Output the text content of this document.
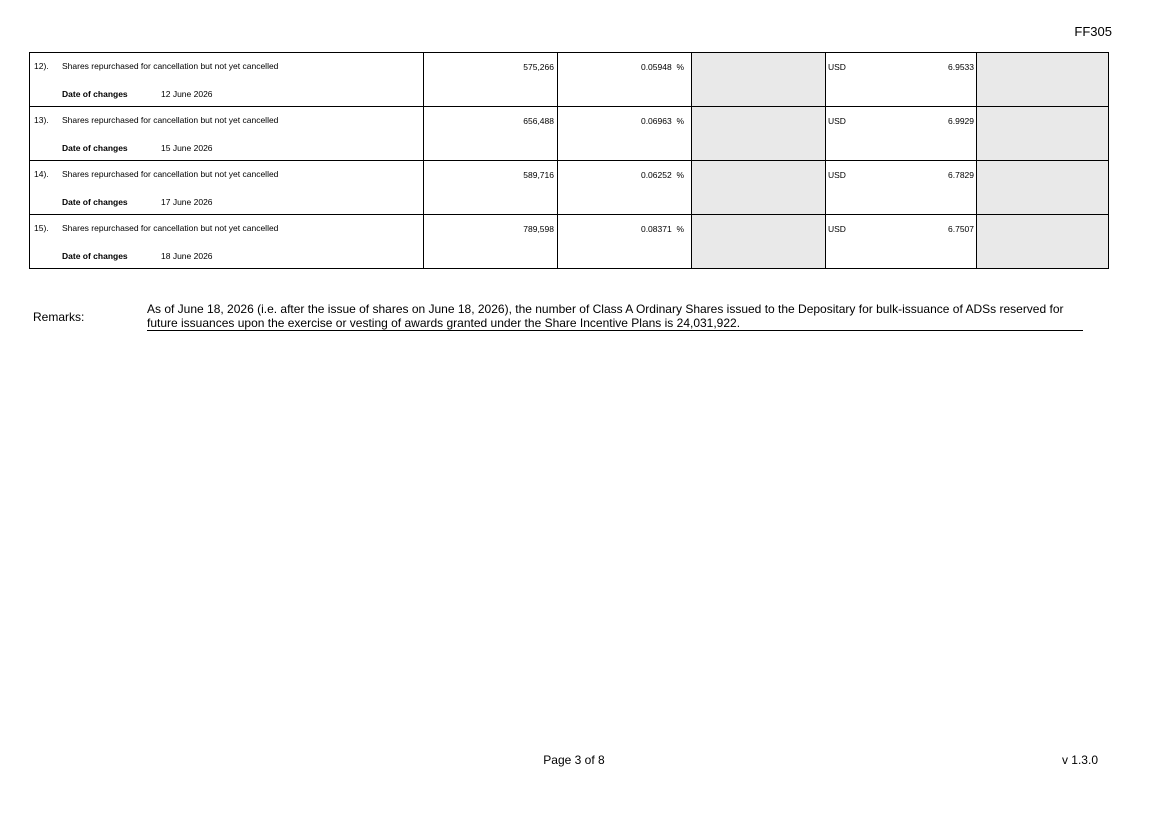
FF305
12). Shares repurchased for cancellation but not yet cancelled
Date of changes 12 June 2026	575,266	0.05948 %		USD 6.9533	

13). Shares repurchased for cancellation but not yet cancelled
Date of changes 15 June 2026	656,488	0.06963 %		USD 6.9929	

14). Shares repurchased for cancellation but not yet cancelled
Date of changes 17 June 2026	589,716	0.06252 %		USD 6.7829	

15). Shares repurchased for cancellation but not yet cancelled
Date of changes 18 June 2026	789,598	0.08371 %		USD 6.7507	

Remarks:
As of June 18, 2026 (i.e. after the issue of shares on June 18, 2026), the number of Class A Ordinary Shares issued to the Depositary for bulk-issuance of ADSs reserved for future issuances upon the exercise or vesting of awards granted under the Share Incentive Plans is 24,031,922.
Page 3 of 8	v 1.3.0
